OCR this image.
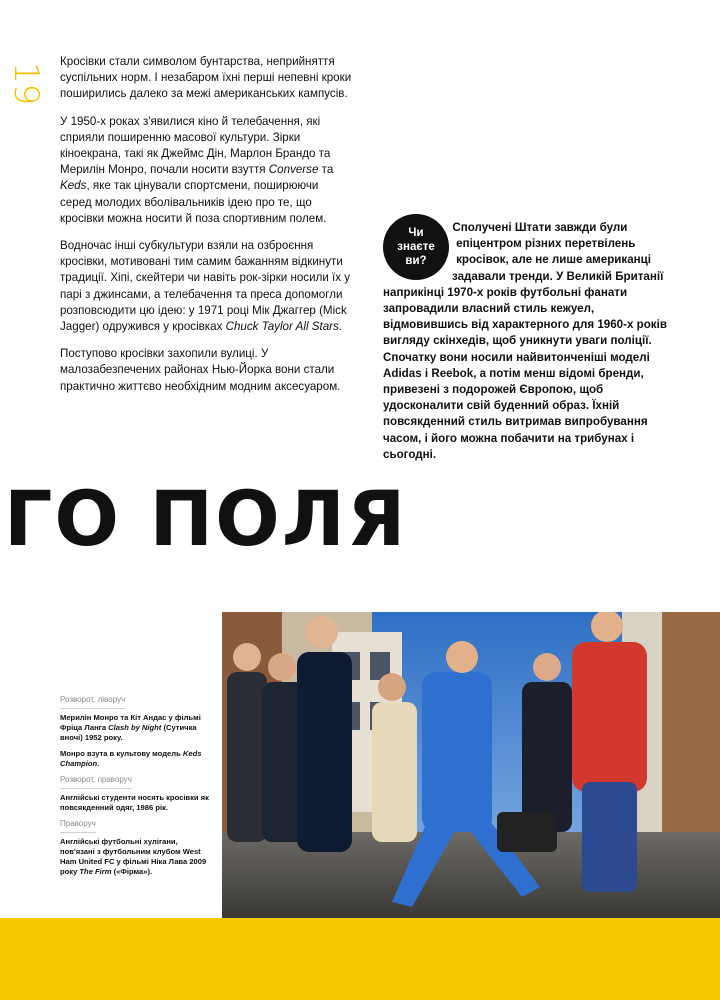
19

Кросівки стали символом бунтарства, неприйняття суспільних норм. І незабаром їхні перші непевні кроки поширились далеко за межі американських кампусів.

У 1950-х роках з'явилися кіно й телебачення, які сприяли поширенню масової культури. Зірки кіноекрана, такі як Джеймс Дін, Марлон Брандо та Мерилін Монро, почали носити взуття Converse та Keds, яке так цінували спортсмени, поширюючи серед молодих вболівальників ідею про те, що кросівки можна носити й поза спортивним полем.

Водночас інші субкультури взяли на озброєння кросівки, мотивовані тим самим бажанням відкинути традиції. Хіпі, скейтери чи навіть рок-зірки носили їх у парі з джинсами, а телебачення та преса допомогли розповсюдити цю ідею: у 1971 році Мік Джаггер (Mick Jagger) одружився у кросівках Chuck Taylor All Stars.

Поступово кросівки захопили вулиці. У малозабезпечених районах Нью-Йорка вони стали практично життєво необхідним модним аксесуаром.

Чи
знаєте
ви?
Сполучені Штати завжди були епіцентром різних перетвілень кросівок, але не лише американці задавали тренди. У Великій Британії наприкінці 1970-х років футбольні фанати запровадили власний стиль кежуел, відмовившись від характерного для 1960-х років вигляду скінхедів, щоб уникнути уваги поліції. Спочатку вони носили найвитонченіші моделі Adidas і Reebok, а потім менш відомі бренди, привезені з подорожей Європою, щоб удосконалити свій буденний образ. Їхній повсякденний стиль витримав випробування часом, і його можна побачити на трибунах і сьогодні.
ГО ПОЛЯ
Розворот, ліворуч

Мерилін Монро та Кіт Андас у фільмі Фріца Ланга Clash by Night (Сутичка вночі) 1952 року.

Монро взута в культову модель Keds Champion.

Розворот, праворуч

Англійські студенти носять кросівки як повсякденний одяг, 1986 рік.

Праворуч

Англійські футбольні хулігани, пов'язані з футбольним клубом West Ham United FC у фільмі Ніка Лава 2009 року The Firm («Фірма»).
